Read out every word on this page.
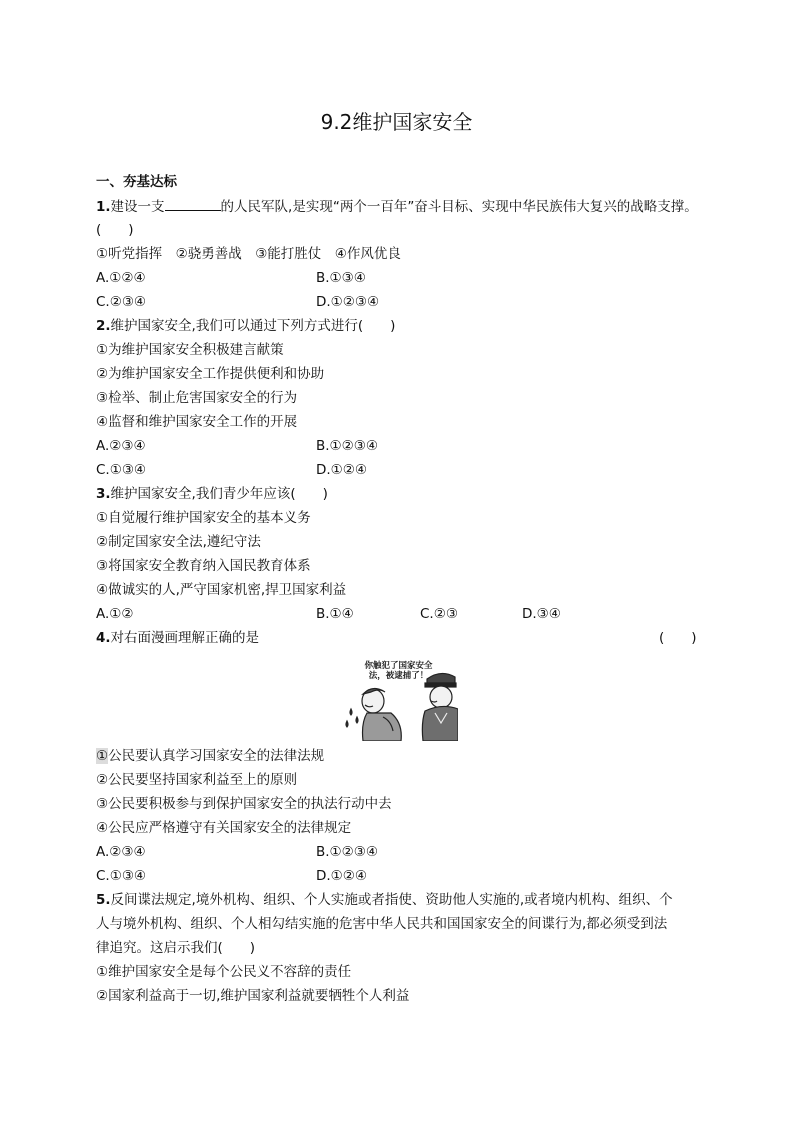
9.2维护国家安全
一、夯基达标
1.建设一支	的人民军队,是实现“两个一百年”奋斗目标、实现中华民族伟大复兴的战略支撑。
(　　)
①听党指挥　②骁勇善战　③能打胜仗　④作风优良
A.①②④	B.①③④
C.②③④	D.①②③④
2.维护国家安全,我们可以通过下列方式进行(　　)
①为维护国家安全积极建言献策
②为维护国家安全工作提供便利和协助
③检举、制止危害国家安全的行为
④监督和维护国家安全工作的开展
A.②③④	B.①②③④
C.①③④	D.①②④
3.维护国家安全,我们青少年应该(　　)
①自觉履行维护国家安全的基本义务
②制定国家安全法,遵纪守法
③将国家安全教育纳入国民教育体系
④做诚实的人,严守国家机密,捍卫国家利益
A.①②	B.①④	C.②③	D.③④
4.对右面漫画理解正确的是	(　　)
你触犯了国家安全
法，被逮捕了！
①公民要认真学习国家安全的法律法规
②公民要坚持国家利益至上的原则
③公民要积极参与到保护国家安全的执法行动中去
④公民应严格遵守有关国家安全的法律规定
A.②③④	B.①②③④
C.①③④	D.①②④
5.反间谍法规定,境外机构、组织、个人实施或者指使、资助他人实施的,或者境内机构、组织、个
人与境外机构、组织、个人相勾结实施的危害中华人民共和国国家安全的间谍行为,都必须受到法
律追究。这启示我们(　　)
①维护国家安全是每个公民义不容辞的责任
②国家利益高于一切,维护国家利益就要牺牲个人利益
